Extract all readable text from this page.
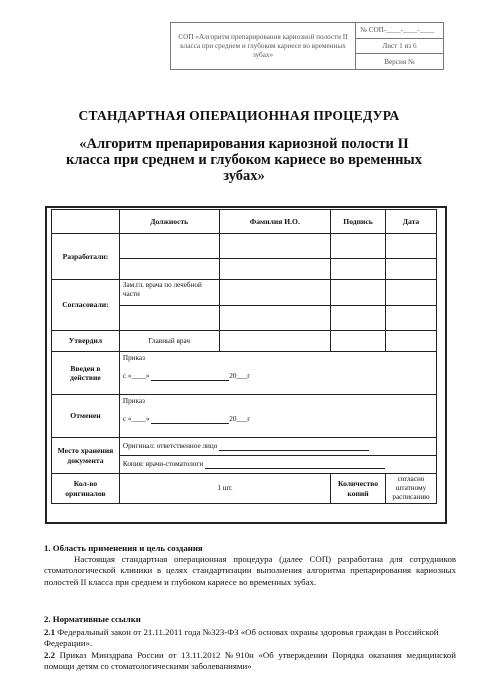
СОП «Алгоритм препарирования кариозной полости II класса при среднем и глубоком кариесе во временных зубах»
№ СОП-____-____-____
Лист 1 из 6
Версия №
СТАНДАРТНАЯ ОПЕРАЦИОННАЯ ПРОЦЕДУРА
«Алгоритм препарирования кариозной полости II класса при среднем и глубоком кариесе во временных зубах»
	Должность	Фамилия И.О.	Подпись	Дата
Разработали:				

Согласовали:	Зам.гл. врача по лечебной части			

Утвердил	Главный врач			
Введен в действие	Приказ
с «____» 20___г			

Отменен	Приказ
с «____» 20___г			

Место хранения документа	Оригинал: ответственное лицо			
	Копия: врачи-стоматологи			
Кол-во оригиналов	1 шт.		Количество копий	согласно штатному расписанию
1. Область применения и цель создания
Настоящая стандартная операционная процедура (далее СОП) разработана для сотрудников стоматологической клиники в целях стандартизации выполнения алгоритма препарирования кариозных полостей II класса при среднем и глубоком кариесе во временных зубах.
2. Нормативные ссылки
2.1 Федеральный закон от 21.11.2011 года №323-ФЗ «Об основах охраны здоровья граждан в Российской Федерации».
2.2 Приказ Минздрава России от 13.11.2012 №910н «Об утверждении Порядка оказания медицинской помощи детям со стоматологическими заболеваниями»
